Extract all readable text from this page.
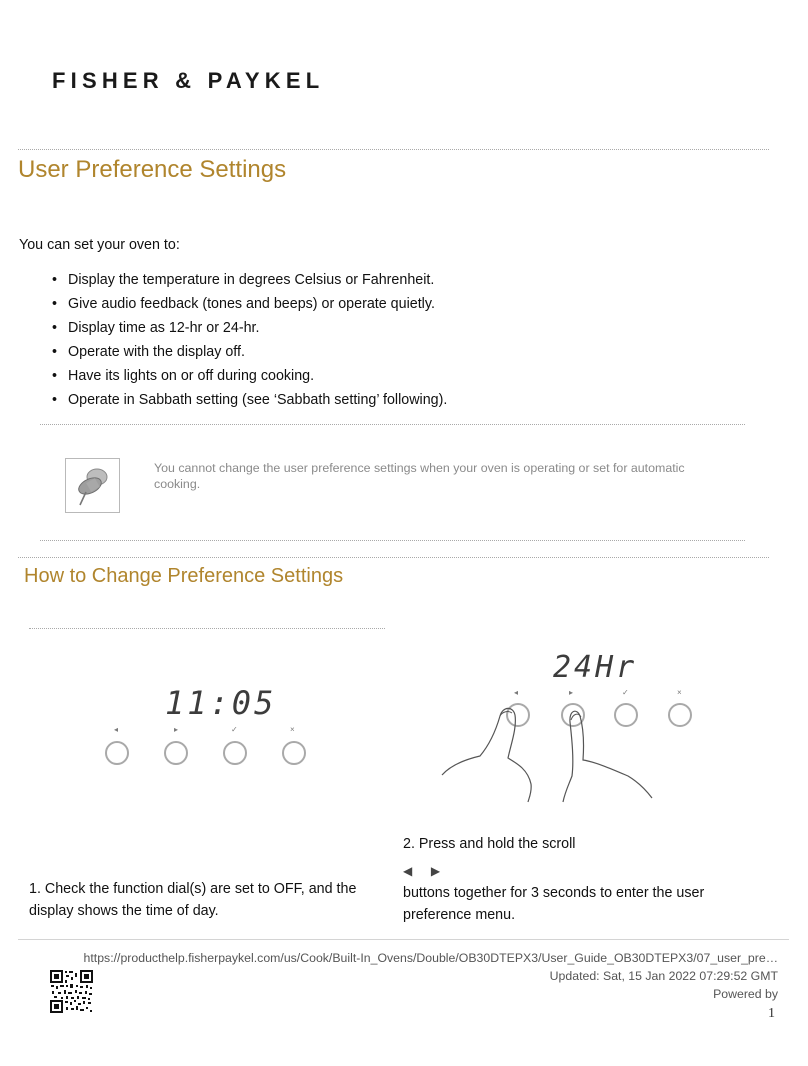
FISHER & PAYKEL
User Preference Settings
You can set your oven to:
• Display the temperature in degrees Celsius or Fahrenheit.
• Give audio feedback (tones and beeps) or operate quietly.
• Display time as 12-hr or 24-hr.
• Operate with the display off.
• Have its lights on or off during cooking.
• Operate in Sabbath setting (see ‘Sabbath setting’ following).
You cannot change the user preference settings when your oven is operating or set for automatic cooking.
How to Change Preference Settings
11:05
◂	▸	✓	×
24Hr
◂	▸	✓	×
1. Check the function dial(s) are set to OFF, and the display shows the time of day.
2. Press and hold the scroll
◀ ▶
buttons together for 3 seconds to enter the user preference menu.
https://producthelp.fisherpaykel.com/us/Cook/Built-In_Ovens/Double/OB30DTEPX3/User_Guide_OB30DTEPX3/07_user_pre…
Updated: Sat, 15 Jan 2022 07:29:52 GMT
Powered by
1
